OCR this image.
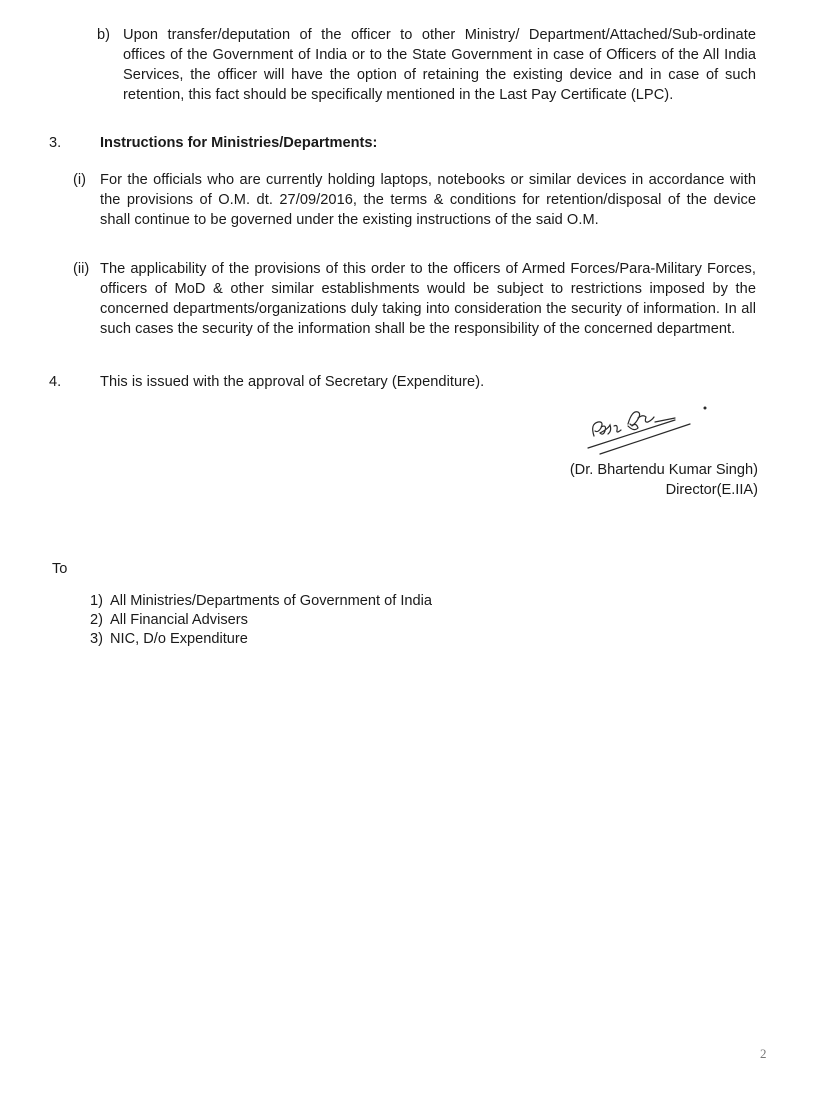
b) Upon transfer/deputation of the officer to other Ministry/ Department/Attached/Sub-ordinate offices of the Government of India or to the State Government in case of Officers of the All India Services, the officer will have the option of retaining the existing device and in case of such retention, this fact should be specifically mentioned in the Last Pay Certificate (LPC).
3.	Instructions for Ministries/Departments:
(i) For the officials who are currently holding laptops, notebooks or similar devices in accordance with the provisions of O.M. dt. 27/09/2016, the terms & conditions for retention/disposal of the device shall continue to be governed under the existing instructions of the said O.M.
(ii) The applicability of the provisions of this order to the officers of Armed Forces/Para-Military Forces, officers of MoD & other similar establishments would be subject to restrictions imposed by the concerned departments/organizations duly taking into consideration the security of information. In all such cases the security of the information shall be the responsibility of the concerned department.
4.	This is issued with the approval of Secretary (Expenditure).
(Dr. Bhartendu Kumar Singh)
Director(E.IIA)
To
1) All Ministries/Departments of Government of India
2) All Financial Advisers
3) NIC, D/o Expenditure
2
